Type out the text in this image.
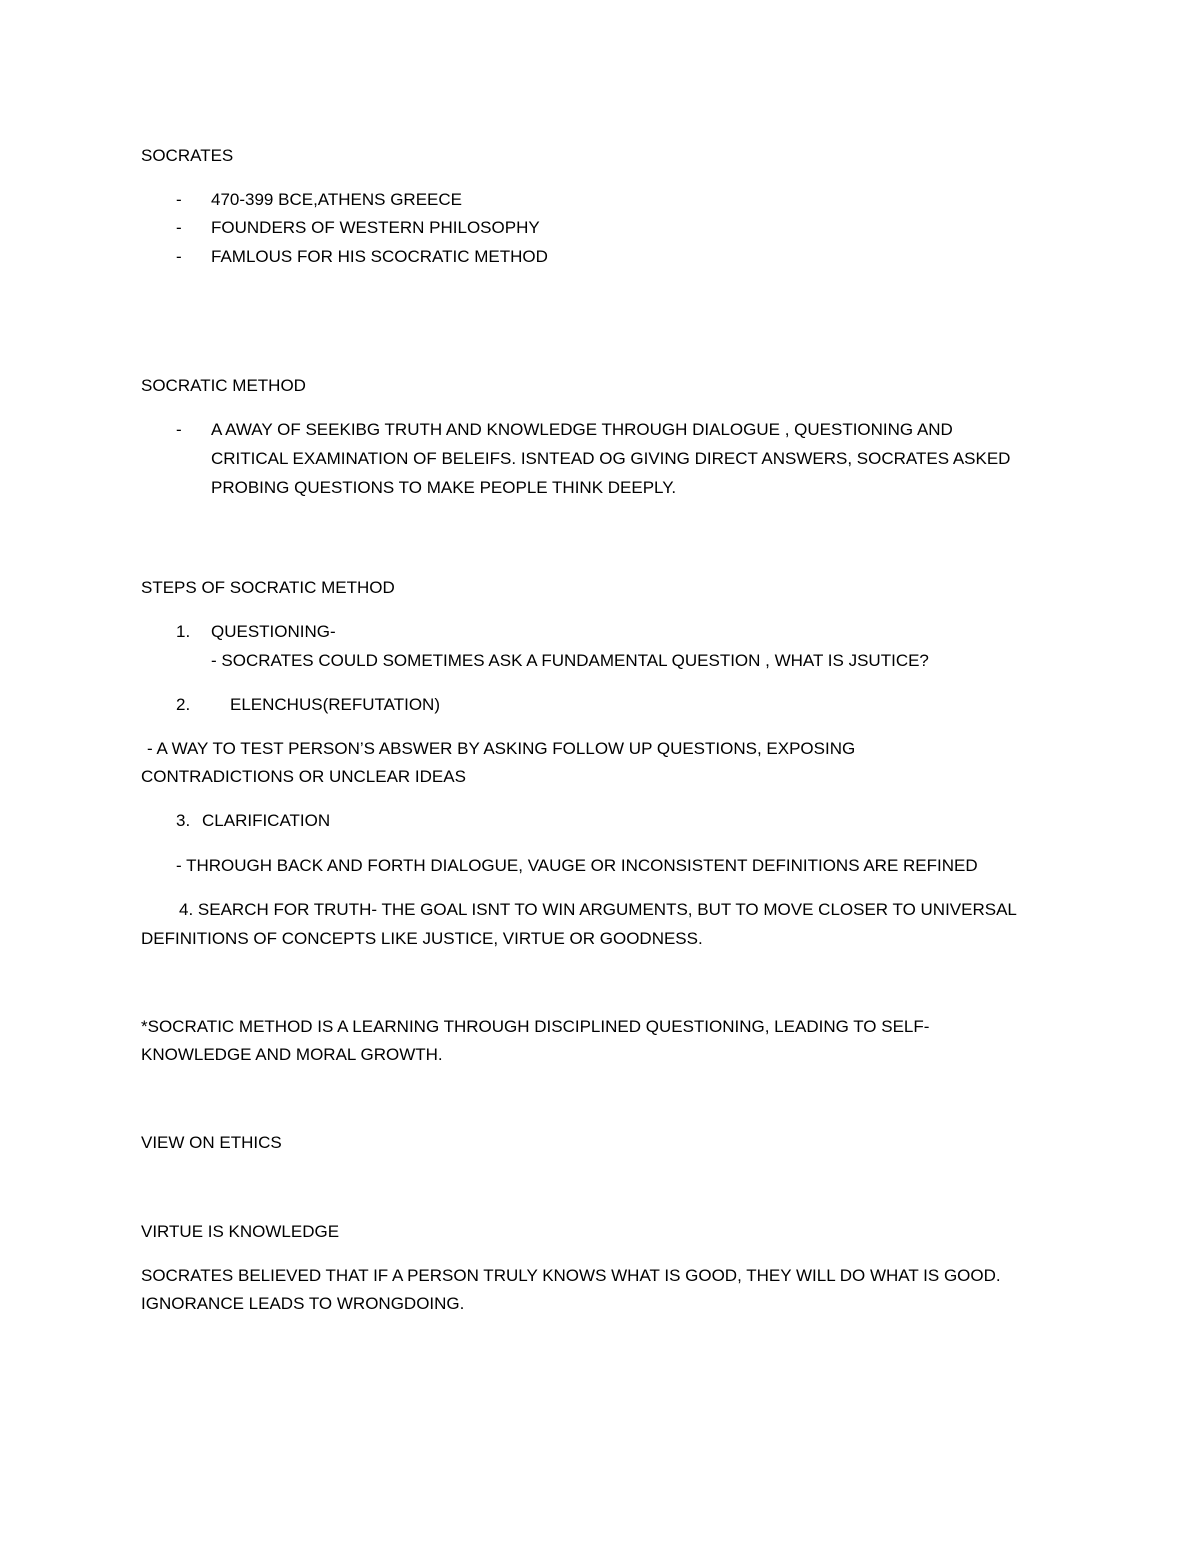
SOCRATES
- 470-399 BCE,ATHENS GREECE
- FOUNDERS OF WESTERN PHILOSOPHY
- FAMLOUS FOR HIS SCOCRATIC METHOD
SOCRATIC METHOD
- A AWAY OF SEEKIBG TRUTH AND KNOWLEDGE THROUGH DIALOGUE , QUESTIONING AND
CRITICAL EXAMINATION OF BELEIFS. ISNTEAD OG GIVING DIRECT ANSWERS, SOCRATES ASKED
PROBING QUESTIONS TO MAKE PEOPLE THINK DEEPLY.
STEPS OF SOCRATIC METHOD
1. QUESTIONING-
- SOCRATES COULD SOMETIMES ASK A FUNDAMENTAL QUESTION , WHAT IS JSUTICE?
2. ELENCHUS(REFUTATION)
- A WAY TO TEST PERSON’S ABSWER BY ASKING FOLLOW UP QUESTIONS, EXPOSING
CONTRADICTIONS OR UNCLEAR IDEAS
3. CLARIFICATION
- THROUGH BACK AND FORTH DIALOGUE, VAUGE OR INCONSISTENT DEFINITIONS ARE REFINED
4. SEARCH FOR TRUTH- THE GOAL ISNT TO WIN ARGUMENTS, BUT TO MOVE CLOSER TO UNIVERSAL
DEFINITIONS OF CONCEPTS LIKE JUSTICE, VIRTUE OR GOODNESS.
*SOCRATIC METHOD IS A LEARNING THROUGH DISCIPLINED QUESTIONING, LEADING TO SELF-
KNOWLEDGE AND MORAL GROWTH.
VIEW ON ETHICS
VIRTUE IS KNOWLEDGE
SOCRATES BELIEVED THAT IF A PERSON TRULY KNOWS WHAT IS GOOD, THEY WILL DO WHAT IS GOOD.
IGNORANCE LEADS TO WRONGDOING.
